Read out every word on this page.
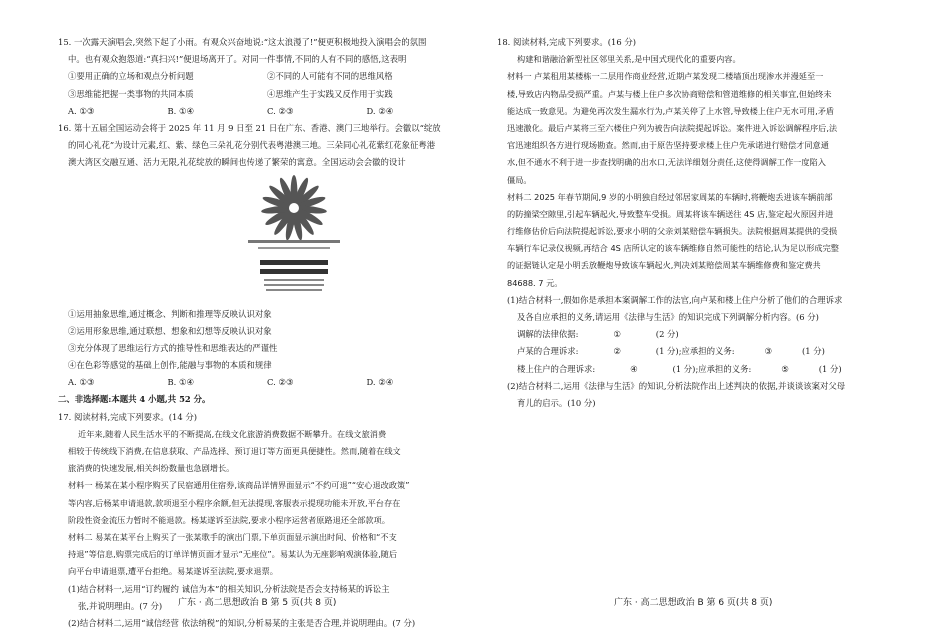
15. 一次露天演唱会,突然下起了小雨。有观众兴奋地说:“这太浪漫了!”便更积极地投入演唱会的氛围
中。也有观众抱怨道:“真扫兴!”便退场离开了。对同一件事情,不同的人有不同的感悟,这表明
①要用正确的立场和观点分析问题	②不同的人可能有不同的思维风格
③思维能把握一类事物的共同本质	④思维产生于实践又反作用于实践
A. ①③	B. ①④	C. ②③	D. ②④
16. 第十五届全国运动会将于 2025 年 11 月 9 日至 21 日在广东、香港、澳门三地举行。会徽以“绽放
的同心礼花”为设计元素,红、紫、绿色三朵礼花分别代表粤港澳三地。三朵同心礼花紫红花象征粤港
澳大湾区交融互通、活力无限,礼花绽放的瞬间也传递了繁荣的寓意。全国运动会会徽的设计
①运用抽象思维,通过概念、判断和推理等反映认识对象
②运用形象思维,通过联想、想象和幻想等反映认识对象
③充分体现了思维运行方式的推导性和思维表达的严谨性
④在色彩等感觉的基础上创作,能融与事物的本质和规律
A. ①③	B. ①④	C. ②③	D. ②④
二、非选择题:本题共 4 小题,共 52 分。
17. 阅读材料,完成下列要求。(14 分)
近年来,随着人民生活水平的不断提高,在线文化旅游消费数据不断攀升。在线文旅消费
相较于传统线下消费,在信息获取、产品选择、预订退订等方面更具便捷性。然而,随着在线文
旅消费的快速发展,相关纠纷数量也急剧增长。
材料一 杨某在某小程序购买了民宿通用住宿券,该商品详情界面显示“不约可退”“安心退改政策”
等内容,后杨某申请退款,款项退至小程序余额,但无法提现,客服表示提现功能未开放,平台存在
阶段性资金流压力暂时不能退款。杨某遂诉至法院,要求小程序运营者原路退还全部款项。
材料二 易某在某平台上购买了一张某歌手的演出门票,下单页面显示演出时间、价格和“不支
持退”等信息,购票完成后的订单详情页面才显示“无座位”。易某认为无座影响观演体验,随后
向平台申请退票,遭平台拒绝。易某遂诉至法院,要求退票。
(1)结合材料一,运用“订约履约 诚信为本”的相关知识,分析法院是否会支持杨某的诉讼主
张,并说明理由。(7 分)
(2)结合材料二,运用“诚信经营 依法纳税”的知识,分析易某的主张是否合理,并说明理由。(7 分)
18. 阅读材料,完成下列要求。(16 分)
构建和谐融洽新型社区邻里关系,是中国式现代化的重要内容。
材料一 卢某租用某楼栋一二层用作商业经营,近期卢某发现二楼墙顶出现渗水并漫延至一
楼,导致店内物品受损严重。卢某与楼上住户多次协商赔偿和管道维修的相关事宜,但始终未
能达成一致意见。为避免再次发生漏水行为,卢某关停了上水管,导致楼上住户无水可用,矛盾
迅速激化。最后卢某将三至六楼住户列为被告向法院提起诉讼。案件进入诉讼调解程序后,法
官迅速组织各方进行现场勘查。然而,由于原告坚持要求楼上住户先承诺进行赔偿才同意通
水,但不通水不利于进一步查找明确的出水口,无法详细划分责任,这使得调解工作一度陷入
僵局。
材料二 2025 年春节期间,9 岁的小明独自经过邻居家周某的车辆时,将鞭炮丢进该车辆前部
的防撞梁空隙里,引起车辆起火,导致整车受损。周某将该车辆送往 4S 店,鉴定起火原因并进
行维修估价后向法院提起诉讼,要求小明的父亲刘某赔偿车辆损失。法院根据周某提供的受损
车辆行车记录仪视频,再结合 4S 店所认定的该车辆维修自然可能性的结论,认为足以形成完整
的证据链认定是小明丢放鞭炮导致该车辆起火,判决刘某赔偿周某车辆维修费和鉴定费共
84688. 7 元。
(1)结合材料一,假如你是承担本案调解工作的法官,向卢某和楼上住户分析了他们的合理诉求
及各自应承担的义务,请运用《法律与生活》的知识完成下列调解分析内容。(6 分)
调解的法律依据:	①	(2 分)
卢某的合理诉求:	②	(1 分);应承担的义务:	③	(1 分)
楼上住户的合理诉求:	④	(1 分);应承担的义务:	⑤	(1 分)
(2)结合材料二,运用《法律与生活》的知识,分析法院作出上述判决的依据,并谈谈该案对父母
育儿的启示。(10 分)
广东 · 高二思想政治 B 第 5 页(共 8 页)	广东 · 高二思想政治 B 第 6 页(共 8 页)
